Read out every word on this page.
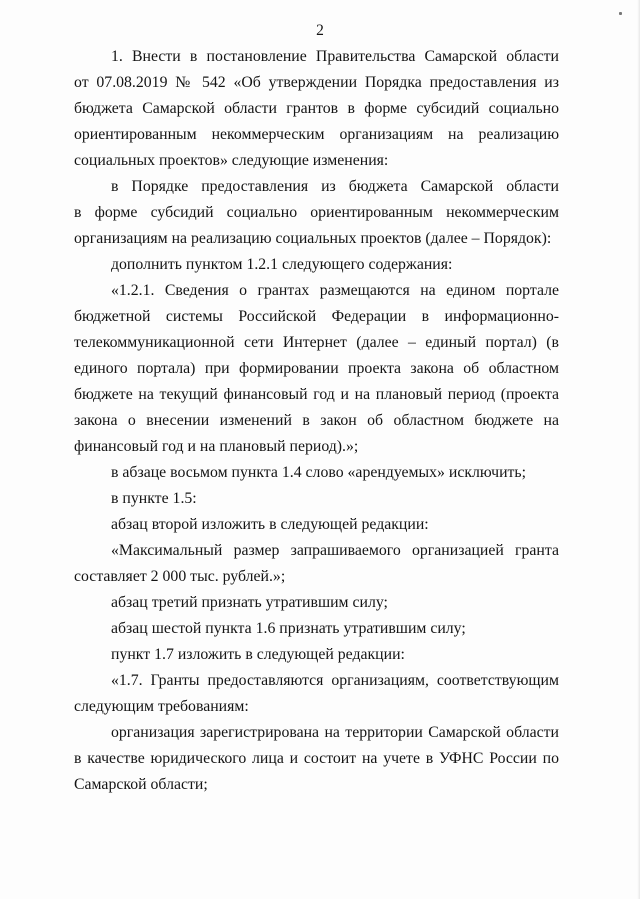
2
1. Внести в постановление Правительства Самарской области
от 07.08.2019 № 542 «Об утверждении Порядка предоставления из
бюджета Самарской области грантов в форме субсидий социально
ориентированным некоммерческим организациям на реализацию
социальных проектов» следующие изменения:
в Порядке предоставления из бюджета Самарской области
в форме субсидий социально ориентированным некоммерческим
организациям на реализацию социальных проектов (далее – Порядок):
дополнить пунктом 1.2.1 следующего содержания:
«1.2.1. Сведения о грантах размещаются на едином портале
бюджетной системы Российской Федерации в информационно-
телекоммуникационной сети Интернет (далее – единый портал) (в
единого портала) при формировании проекта закона об областном
бюджете на текущий финансовый год и на плановый период (проекта
закона о внесении изменений в закон об областном бюджете на
финансовый год и на плановый период).»;
в абзаце восьмом пункта 1.4 слово «арендуемых» исключить;
в пункте 1.5:
абзац второй изложить в следующей редакции:
«Максимальный размер запрашиваемого организацией гранта
составляет 2 000 тыс. рублей.»;
абзац третий признать утратившим силу;
абзац шестой пункта 1.6 признать утратившим силу;
пункт 1.7 изложить в следующей редакции:
«1.7. Гранты предоставляются организациям, соответствующим
следующим требованиям:
организация зарегистрирована на территории Самарской области
в качестве юридического лица и состоит на учете в УФНС России по
Самарской области;
